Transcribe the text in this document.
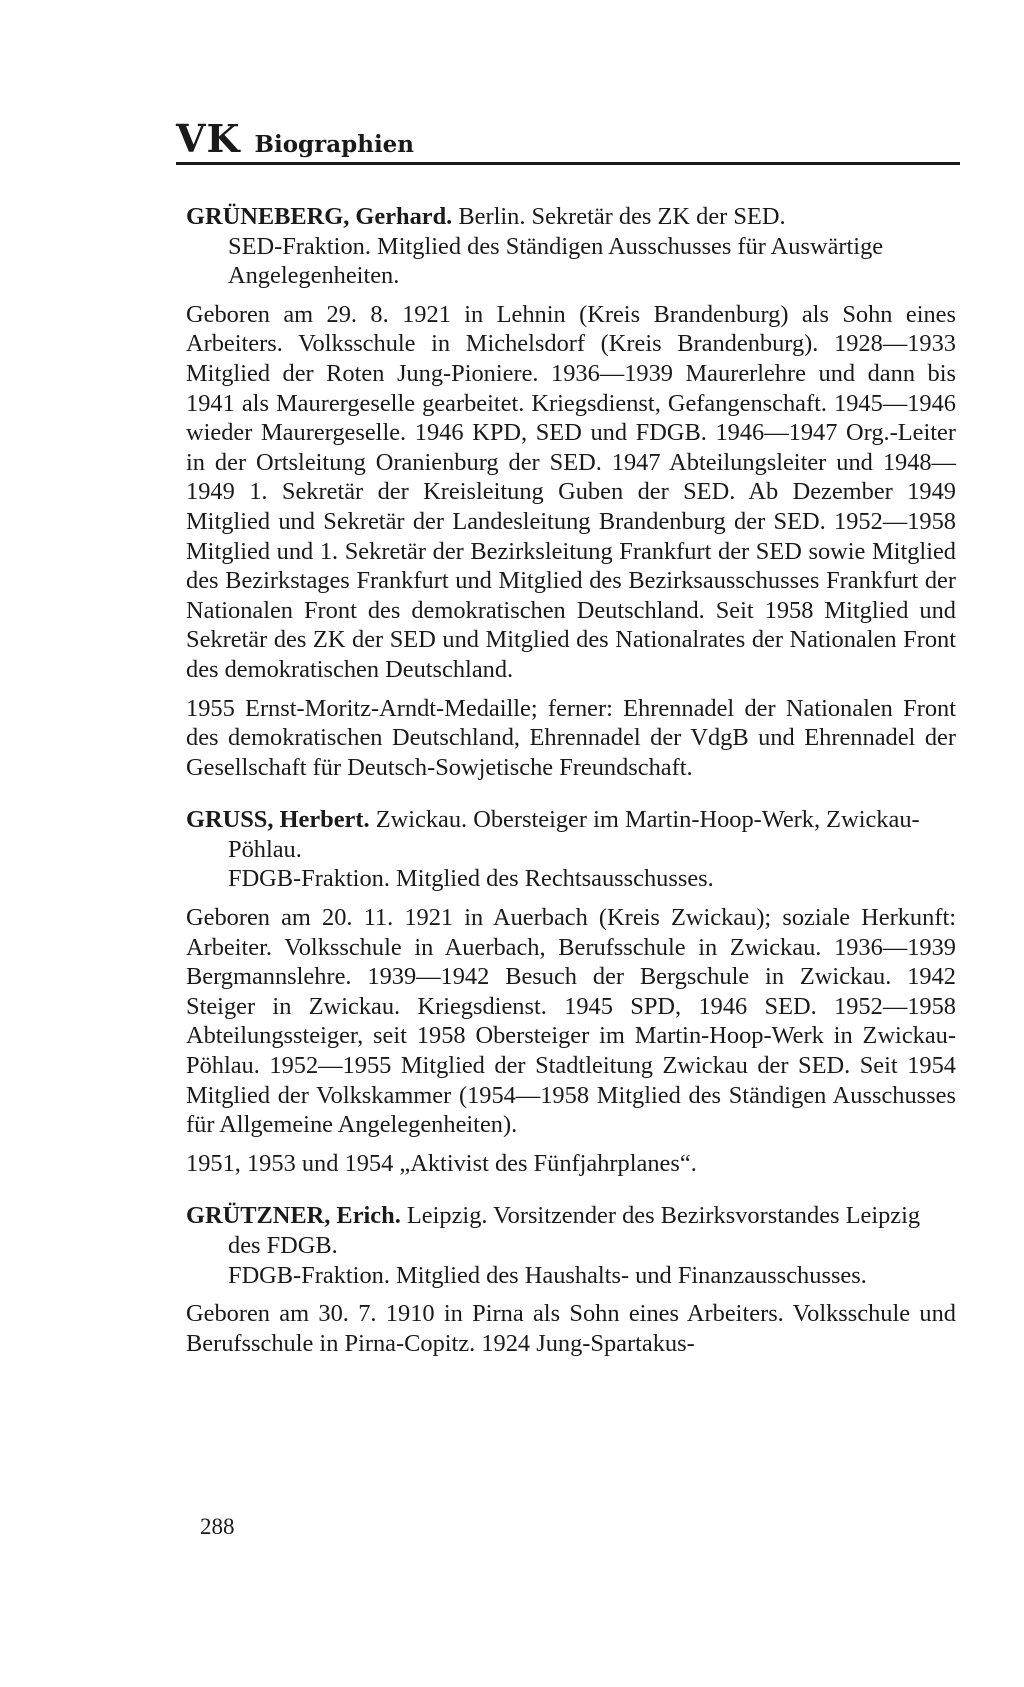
VK Biographien

GRÜNEBERG, Gerhard. Berlin. Sekretär des ZK der SED.

SED-Fraktion. Mitglied des Ständigen Ausschusses für Auswärtige Angelegenheiten.

Geboren am 29. 8. 1921 in Lehnin (Kreis Brandenburg) als Sohn eines Arbeiters. Volksschule in Michelsdorf (Kreis Brandenburg). 1928—1933 Mitglied der Roten Jung-Pioniere. 1936—1939 Maurerlehre und dann bis 1941 als Maurergeselle gearbeitet. Kriegsdienst, Gefangenschaft. 1945—1946 wieder Maurergeselle. 1946 KPD, SED und FDGB. 1946—1947 Org.-Leiter in der Ortsleitung Oranienburg der SED. 1947 Abteilungsleiter und 1948—1949 1. Sekretär der Kreisleitung Guben der SED. Ab Dezember 1949 Mitglied und Sekretär der Landesleitung Brandenburg der SED. 1952—1958 Mitglied und 1. Sekretär der Bezirksleitung Frankfurt der SED sowie Mitglied des Bezirkstages Frankfurt und Mitglied des Bezirksausschusses Frankfurt der Nationalen Front des demokratischen Deutschland. Seit 1958 Mitglied und Sekretär des ZK der SED und Mitglied des Nationalrates der Nationalen Front des demokratischen Deutschland.

1955 Ernst-Moritz-Arndt-Medaille; ferner: Ehrennadel der Nationalen Front des demokratischen Deutschland, Ehrennadel der VdgB und Ehrennadel der Gesellschaft für Deutsch-Sowjetische Freundschaft.

GRUSS, Herbert. Zwickau. Obersteiger im Martin-Hoop-Werk, Zwickau-Pöhlau.

FDGB-Fraktion. Mitglied des Rechtsausschusses.

Geboren am 20. 11. 1921 in Auerbach (Kreis Zwickau); soziale Herkunft: Arbeiter. Volksschule in Auerbach, Berufsschule in Zwickau. 1936—1939 Bergmannslehre. 1939—1942 Besuch der Bergschule in Zwickau. 1942 Steiger in Zwickau. Kriegsdienst. 1945 SPD, 1946 SED. 1952—1958 Abteilungssteiger, seit 1958 Obersteiger im Martin-Hoop-Werk in Zwickau-Pöhlau. 1952—1955 Mitglied der Stadtleitung Zwickau der SED. Seit 1954 Mitglied der Volkskammer (1954—1958 Mitglied des Ständigen Ausschusses für Allgemeine Angelegenheiten).

1951, 1953 und 1954 „Aktivist des Fünfjahrplanes“.

GRÜTZNER, Erich. Leipzig. Vorsitzender des Bezirksvorstandes Leipzig des FDGB.

FDGB-Fraktion. Mitglied des Haushalts- und Finanzausschusses.

Geboren am 30. 7. 1910 in Pirna als Sohn eines Arbeiters. Volksschule und Berufsschule in Pirna-Copitz. 1924 Jung-Spartakus-

288
